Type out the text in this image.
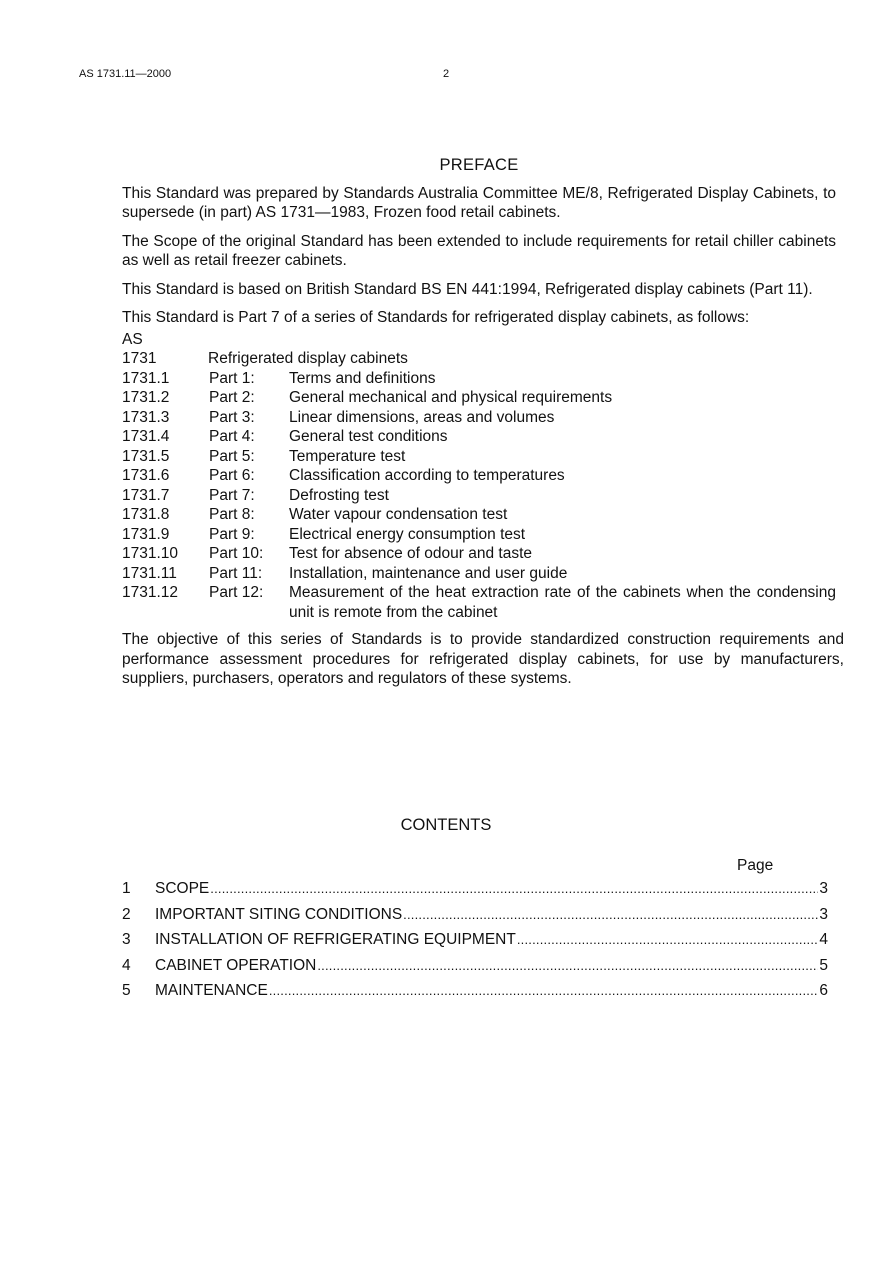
AS 1731.11—2000	2
PREFACE

This Standard was prepared by Standards Australia Committee ME/8, Refrigerated Display Cabinets, to supersede (in part) AS 1731—1983, Frozen food retail cabinets.

The Scope of the original Standard has been extended to include requirements for retail chiller cabinets as well as retail freezer cabinets.

This Standard is based on British Standard BS EN 441:1994, Refrigerated display cabinets (Part 11).

This Standard is Part 7 of a series of Standards for refrigerated display cabinets, as follows:

AS
1731	Refrigerated display cabinets
1731.1	Part 1:	Terms and definitions
1731.2	Part 2:	General mechanical and physical requirements
1731.3	Part 3:	Linear dimensions, areas and volumes
1731.4	Part 4:	General test conditions
1731.5	Part 5:	Temperature test
1731.6	Part 6:	Classification according to temperatures
1731.7	Part 7:	Defrosting test
1731.8	Part 8:	Water vapour condensation test
1731.9	Part 9:	Electrical energy consumption test
1731.10	Part 10:	Test for absence of odour and taste
1731.11	Part 11:	Installation, maintenance and user guide
1731.12	Part 12:	Measurement of the heat extraction rate of the cabinets when the condensing unit is remote from the cabinet

The objective of this series of Standards is to provide standardized construction requirements and performance assessment procedures for refrigerated display cabinets, for use by manufacturers, suppliers, purchasers, operators and regulators of these systems.

CONTENTS
Page
1	SCOPE .....	3
2	IMPORTANT SITING CONDITIONS .....	3
3	INSTALLATION OF REFRIGERATING EQUIPMENT .....	4
4	CABINET OPERATION .....	5
5	MAINTENANCE .....	6
